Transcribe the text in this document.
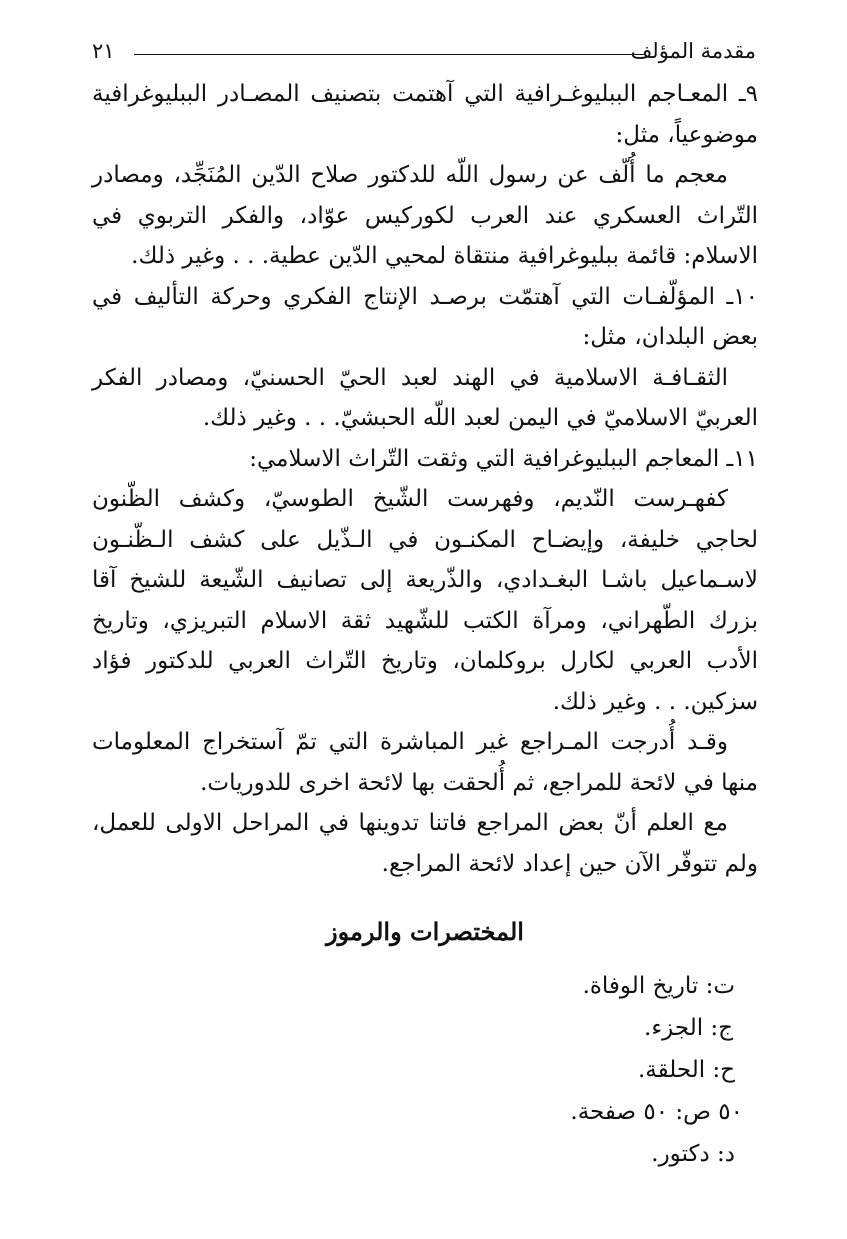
مقدمة المؤلف
٢١

٩ـ المعـاجم الببليوغـرافية التي آهتمت بتصنيف المصـادر الببليوغرافية موضوعياً، مثل:

معجم ما أُلّف عن رسول اللّه للدكتور صلاح الدّين المُنَجِّد، ومصادر التّراث العسكري عند العرب لكوركيس عوّاد، والفكر التربوي في الاسلام: قائمة ببليوغرافية منتقاة لمحيي الدّين عطية. . . وغير ذلك.

١٠ـ المؤلّفـات التي آهتمّت برصـد الإنتاج الفكري وحركة التأليف في بعض البلدان، مثل:

الثقـافـة الاسلامية في الهند لعبد الحيّ الحسنيّ، ومصادر الفكر العربيّ الاسلاميّ في اليمن لعبد اللّه الحبشيّ. . . وغير ذلك.

١١ـ المعاجم الببليوغرافية التي وثقت التّراث الاسلامي:

كفهـرست النّديم، وفهرست الشّيخ الطوسيّ، وكشف الظّنون لحاجي خليفة، وإيضـاح المكنـون في الـذّيل على كشف الـظّنـون لاسـماعيل باشـا البغـدادي، والذّريعة إلى تصانيف الشّيعة للشيخ آقا بزرك الطّهراني، ومرآة الكتب للشّهيد ثقة الاسلام التبريزي، وتاريخ الأدب العربي لكارل بروكلمان، وتاريخ التّراث العربي للدكتور فؤاد سزكين. . . وغير ذلك.

وقـد أُدرجت المـراجع غير المباشرة التي تمّ آستخراج المعلومات منها في لائحة للمراجع، ثم أُلحقت بها لائحة اخرى للدوريات.

مع العلم أنّ بعض المراجع فاتنا تدوينها في المراحل الاولى للعمل، ولم تتوفّر الآن حين إعداد لائحة المراجع.

المختصرات والرموز
ت: تاريخ الوفاة.
ج: الجزء.
ح: الحلقة.
٥٠ ص: ٥٠ صفحة.
د: دكتور.
